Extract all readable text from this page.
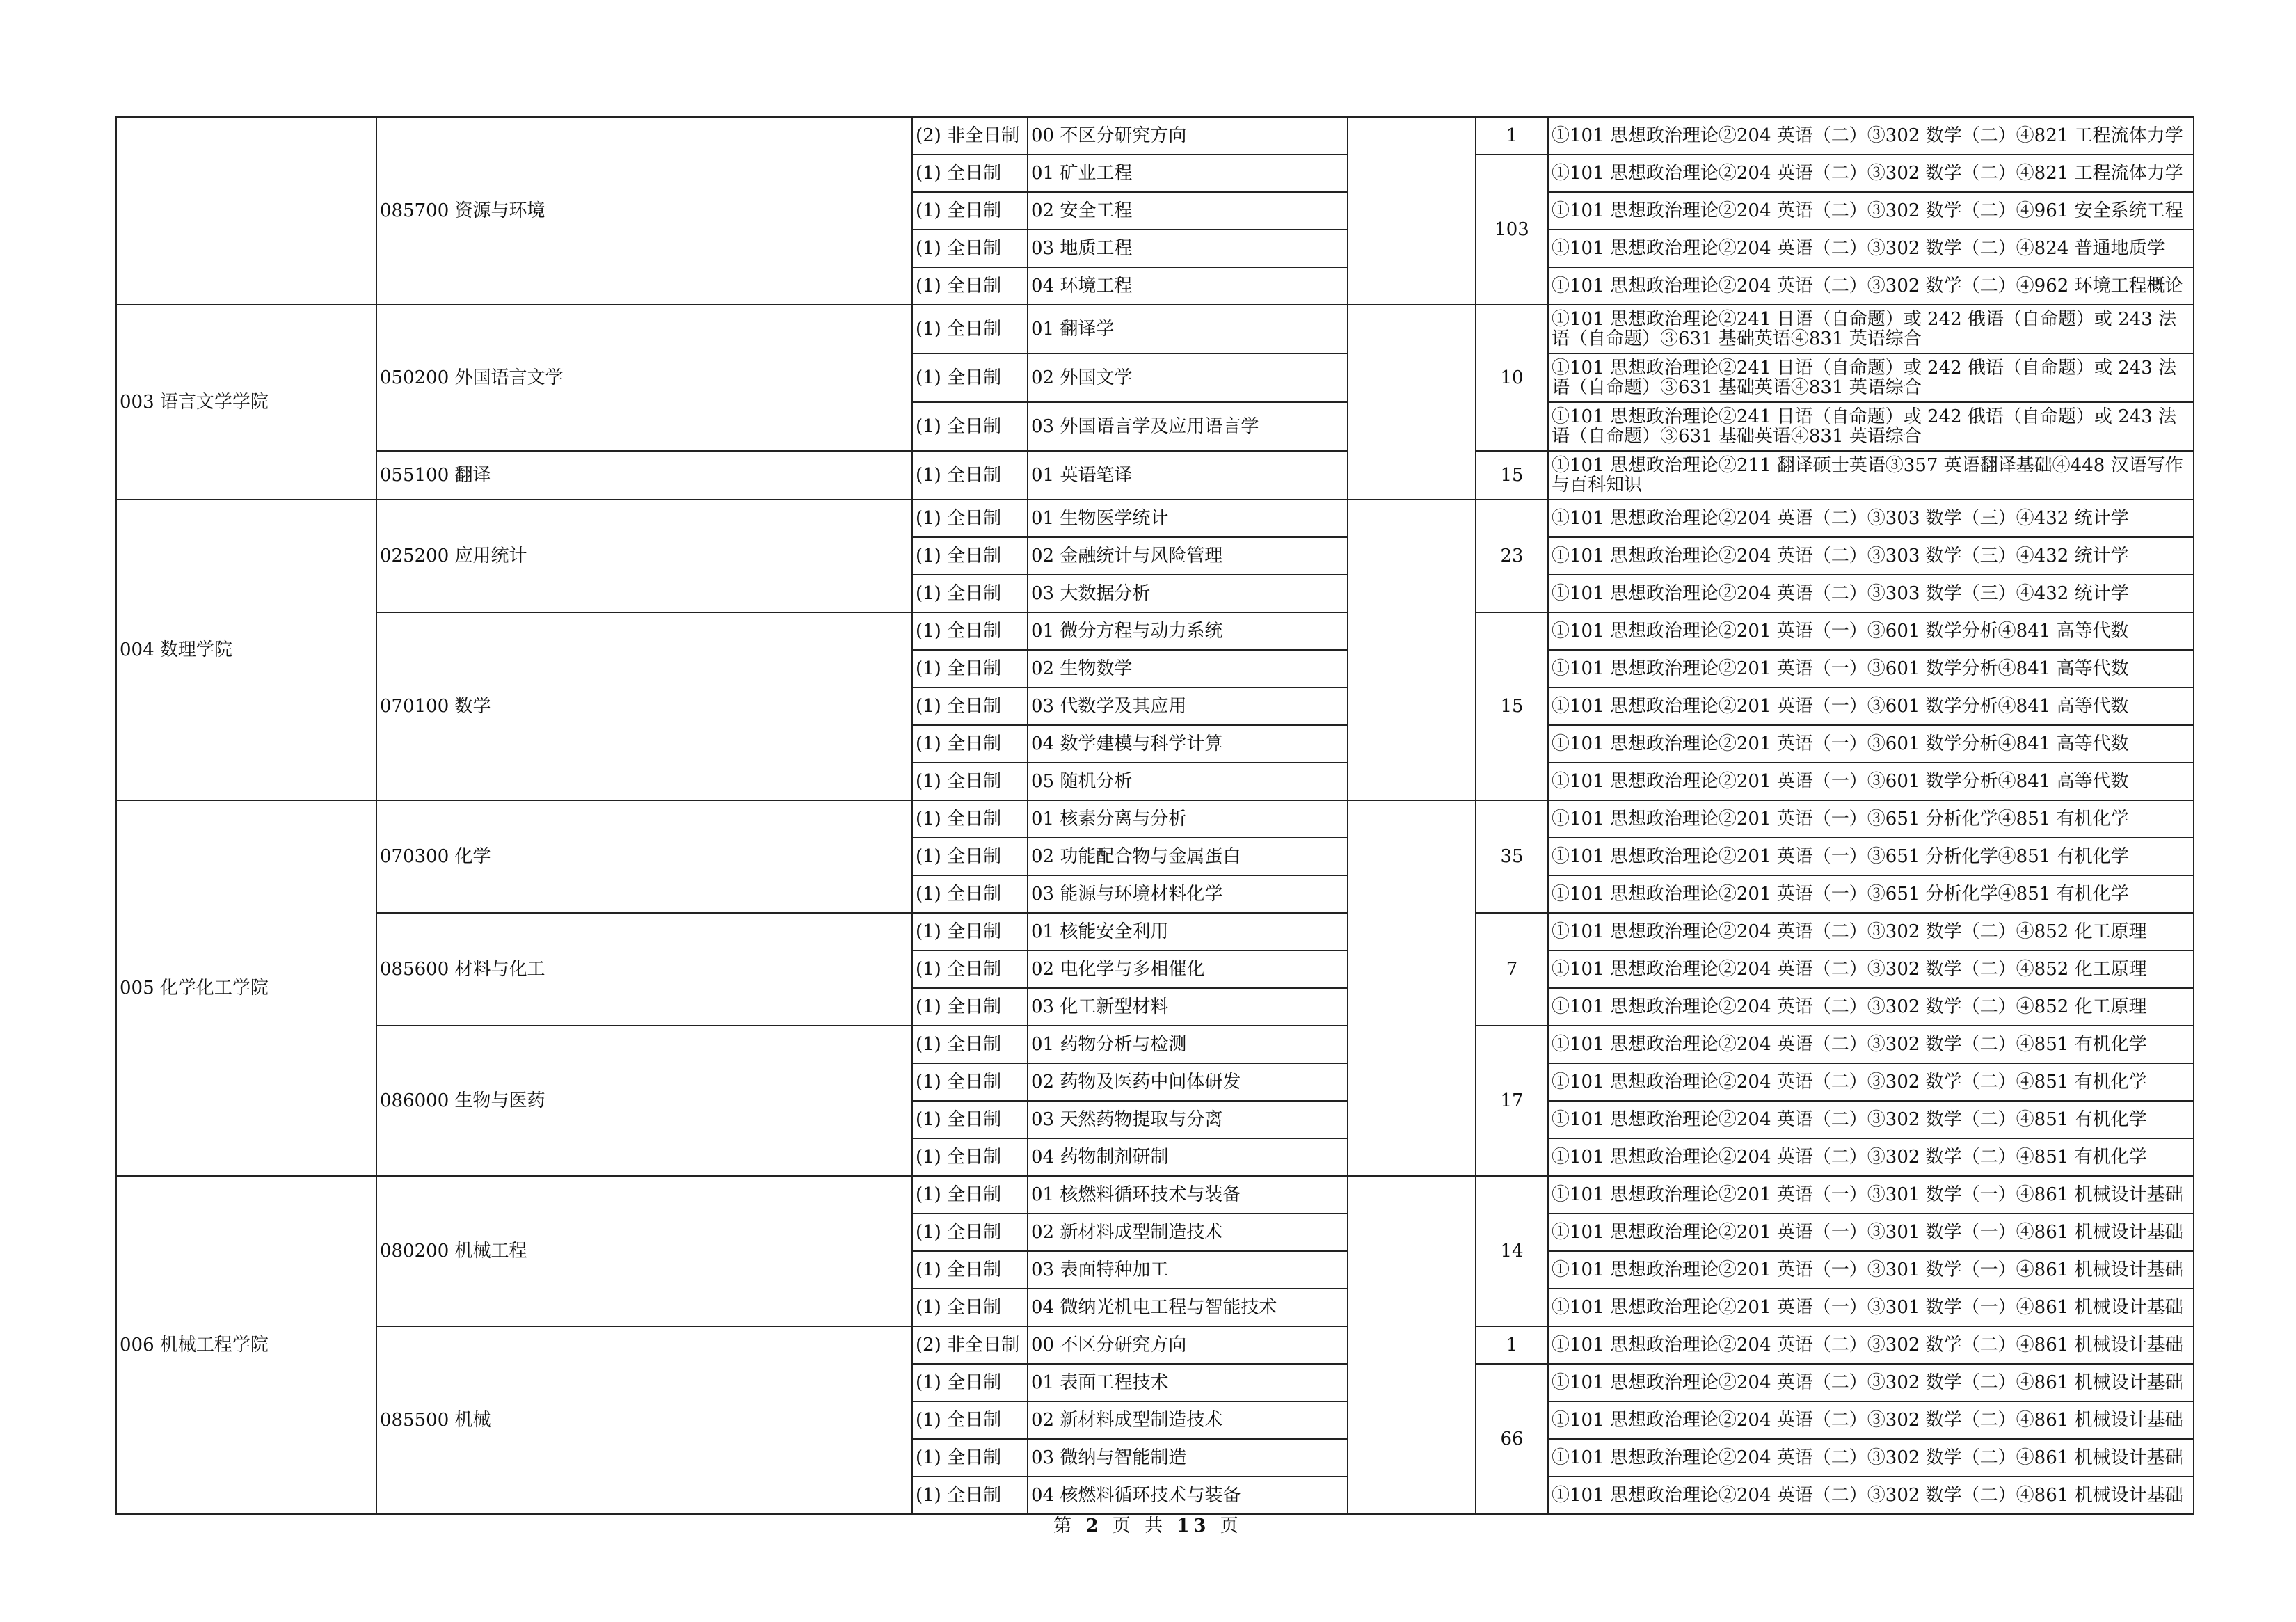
	085700 资源与环境	(2) 非全日制	00 不区分研究方向		1	①101 思想政治理论②204 英语（二）③302 数学（二）④821 工程流体力学
		(1) 全日制	01 矿业工程		103	①101 思想政治理论②204 英语（二）③302 数学（二）④821 工程流体力学
		(1) 全日制	02 安全工程			①101 思想政治理论②204 英语（二）③302 数学（二）④961 安全系统工程
		(1) 全日制	03 地质工程			①101 思想政治理论②204 英语（二）③302 数学（二）④824 普通地质学
		(1) 全日制	04 环境工程			①101 思想政治理论②204 英语（二）③302 数学（二）④962 环境工程概论
003 语言文学学院	050200 外国语言文学	(1) 全日制	01 翻译学		10	①101 思想政治理论②241 日语（自命题）或 242 俄语（自命题）或 243 法语（自命题）③631 基础英语④831 英语综合
		(1) 全日制	02 外国文学			①101 思想政治理论②241 日语（自命题）或 242 俄语（自命题）或 243 法语（自命题）③631 基础英语④831 英语综合
		(1) 全日制	03 外国语言学及应用语言学			①101 思想政治理论②241 日语（自命题）或 242 俄语（自命题）或 243 法语（自命题）③631 基础英语④831 英语综合
	055100 翻译	(1) 全日制	01 英语笔译		15	①101 思想政治理论②211 翻译硕士英语③357 英语翻译基础④448 汉语写作与百科知识
004 数理学院	025200 应用统计	(1) 全日制	01 生物医学统计		23	①101 思想政治理论②204 英语（二）③303 数学（三）④432 统计学
		(1) 全日制	02 金融统计与风险管理			①101 思想政治理论②204 英语（二）③303 数学（三）④432 统计学
		(1) 全日制	03 大数据分析			①101 思想政治理论②204 英语（二）③303 数学（三）④432 统计学
	070100 数学	(1) 全日制	01 微分方程与动力系统		15	①101 思想政治理论②201 英语（一）③601 数学分析④841 高等代数
		(1) 全日制	02 生物数学			①101 思想政治理论②201 英语（一）③601 数学分析④841 高等代数
		(1) 全日制	03 代数学及其应用			①101 思想政治理论②201 英语（一）③601 数学分析④841 高等代数
		(1) 全日制	04 数学建模与科学计算			①101 思想政治理论②201 英语（一）③601 数学分析④841 高等代数
		(1) 全日制	05 随机分析			①101 思想政治理论②201 英语（一）③601 数学分析④841 高等代数
005 化学化工学院	070300 化学	(1) 全日制	01 核素分离与分析		35	①101 思想政治理论②201 英语（一）③651 分析化学④851 有机化学
		(1) 全日制	02 功能配合物与金属蛋白			①101 思想政治理论②201 英语（一）③651 分析化学④851 有机化学
		(1) 全日制	03 能源与环境材料化学			①101 思想政治理论②201 英语（一）③651 分析化学④851 有机化学
	085600 材料与化工	(1) 全日制	01 核能安全利用		7	①101 思想政治理论②204 英语（二）③302 数学（二）④852 化工原理
		(1) 全日制	02 电化学与多相催化			①101 思想政治理论②204 英语（二）③302 数学（二）④852 化工原理
		(1) 全日制	03 化工新型材料			①101 思想政治理论②204 英语（二）③302 数学（二）④852 化工原理
	086000 生物与医药	(1) 全日制	01 药物分析与检测		17	①101 思想政治理论②204 英语（二）③302 数学（二）④851 有机化学
		(1) 全日制	02 药物及医药中间体研发			①101 思想政治理论②204 英语（二）③302 数学（二）④851 有机化学
		(1) 全日制	03 天然药物提取与分离			①101 思想政治理论②204 英语（二）③302 数学（二）④851 有机化学
		(1) 全日制	04 药物制剂研制			①101 思想政治理论②204 英语（二）③302 数学（二）④851 有机化学
006 机械工程学院	080200 机械工程	(1) 全日制	01 核燃料循环技术与装备		14	①101 思想政治理论②201 英语（一）③301 数学（一）④861 机械设计基础
		(1) 全日制	02 新材料成型制造技术			①101 思想政治理论②201 英语（一）③301 数学（一）④861 机械设计基础
		(1) 全日制	03 表面特种加工			①101 思想政治理论②201 英语（一）③301 数学（一）④861 机械设计基础
		(1) 全日制	04 微纳光机电工程与智能技术			①101 思想政治理论②201 英语（一）③301 数学（一）④861 机械设计基础
	085500 机械	(2) 非全日制	00 不区分研究方向		1	①101 思想政治理论②204 英语（二）③302 数学（二）④861 机械设计基础
		(1) 全日制	01 表面工程技术		66	①101 思想政治理论②204 英语（二）③302 数学（二）④861 机械设计基础
		(1) 全日制	02 新材料成型制造技术			①101 思想政治理论②204 英语（二）③302 数学（二）④861 机械设计基础
		(1) 全日制	03 微纳与智能制造			①101 思想政治理论②204 英语（二）③302 数学（二）④861 机械设计基础
		(1) 全日制	04 核燃料循环技术与装备			①101 思想政治理论②204 英语（二）③302 数学（二）④861 机械设计基础
第 2 页 共 13 页
